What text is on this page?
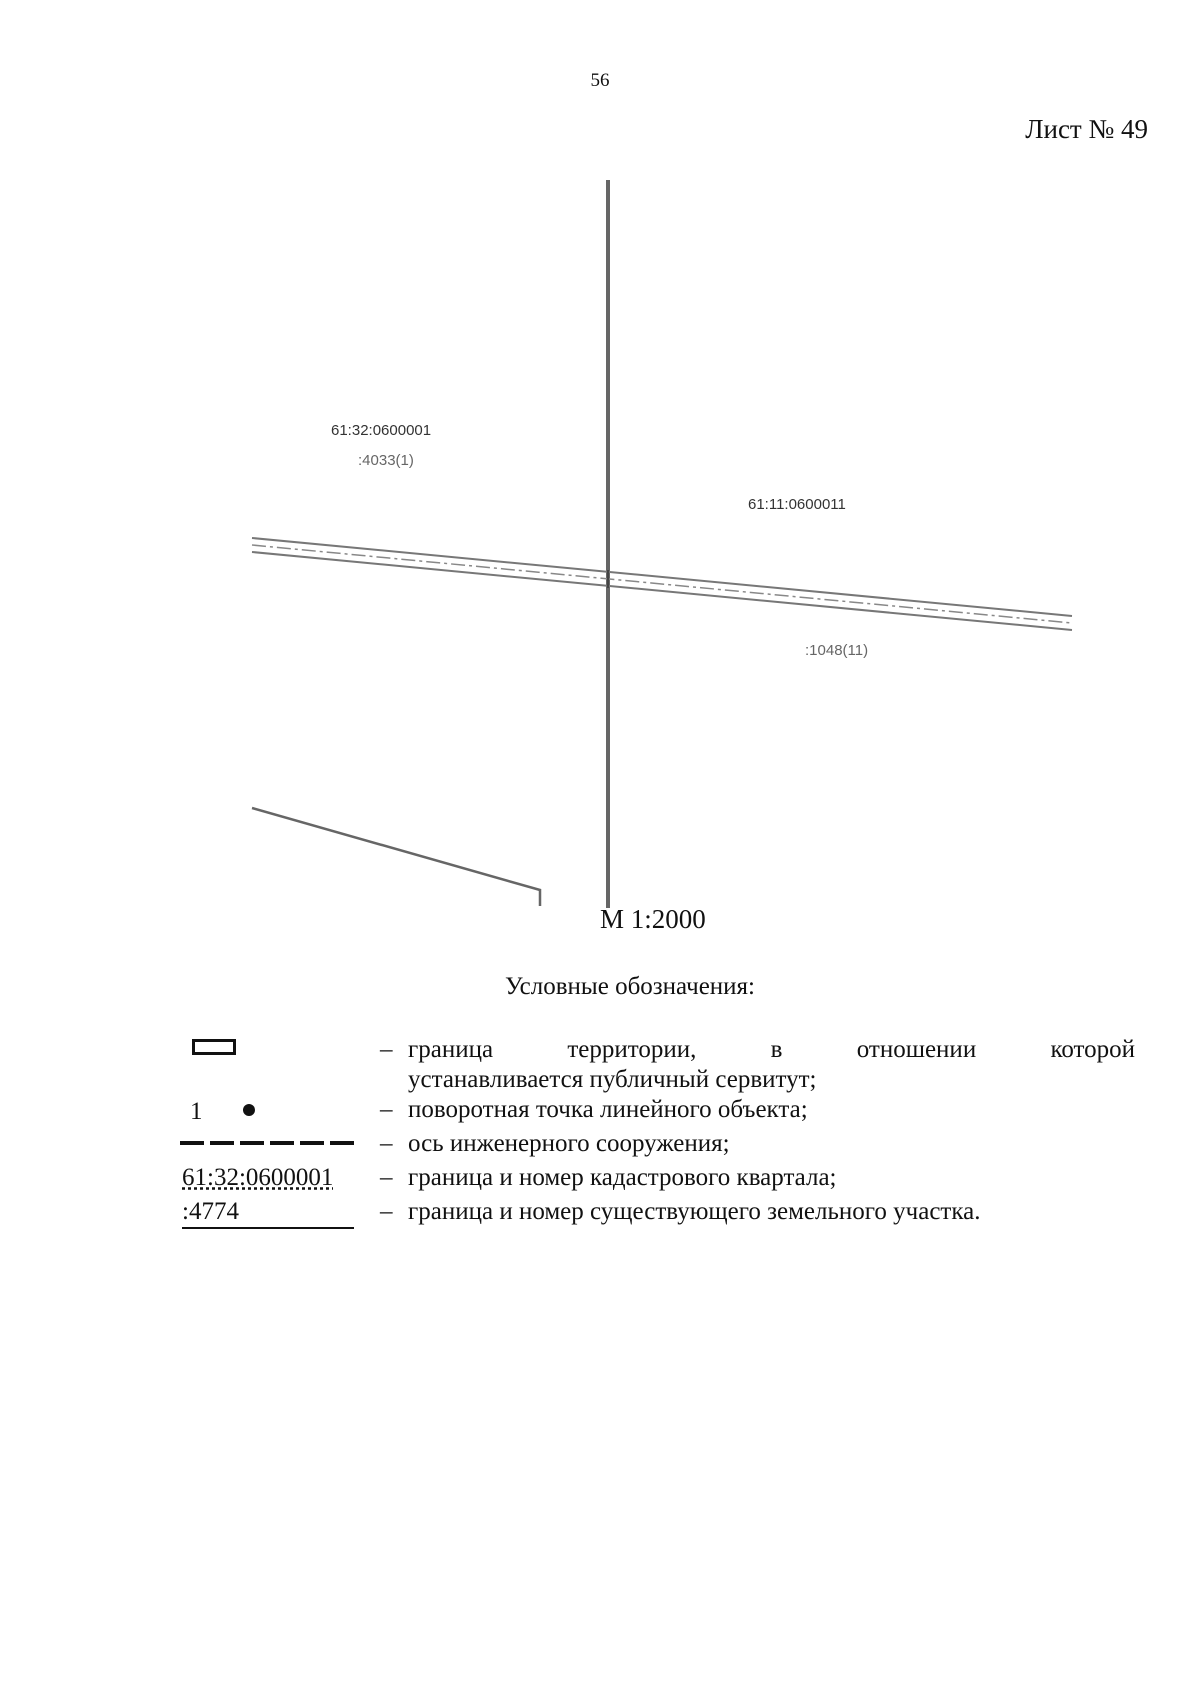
56
Лист № 49
61:32:0600001
:4033(1)
61:11:0600011
:1048(11)
М 1:2000
Условные обозначения:
– граница территории, в отношении которой
устанавливается публичный сервитут;
1	– поворотная точка линейного объекта;
– ось инженерного сооружения;
61:32:0600001 – граница и номер кадастрового квартала;
:4774	– граница и номер существующего земельного участка.
